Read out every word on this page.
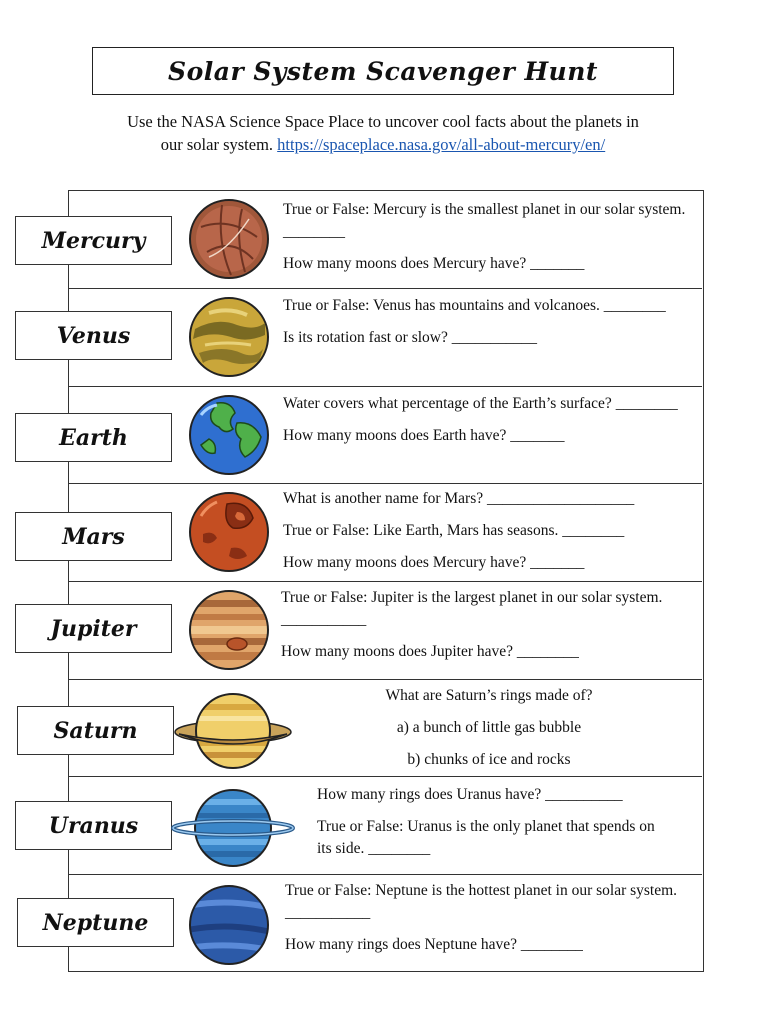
Solar System Scavenger Hunt
Use the NASA Science Space Place to uncover cool facts about the planets in
our solar system. https://spaceplace.nasa.gov/all-about-mercury/en/

True or False: Mercury is the smallest planet in our solar system. ________

How many moons does Mercury have? _______

True or False: Venus has mountains and volcanoes. ________

Is its rotation fast or slow? ___________

Water covers what percentage of the Earth’s surface? ________

How many moons does Earth have? _______

What is another name for Mars? ___________________

True or False: Like Earth, Mars has seasons. ________

How many moons does Mercury have? _______

True or False: Jupiter is the largest planet in our solar system. ___________

How many moons does Jupiter have? ________

What are Saturn’s rings made of?

a) a bunch of little gas bubble

b) chunks of ice and rocks

How many rings does Uranus have? __________

True or False: Uranus is the only planet that spends on its side. ________

True or False: Neptune is the hottest planet in our solar system. ___________

How many rings does Neptune have? ________

Mercury
Venus
Earth
Mars
Jupiter
Saturn
Uranus
Neptune
